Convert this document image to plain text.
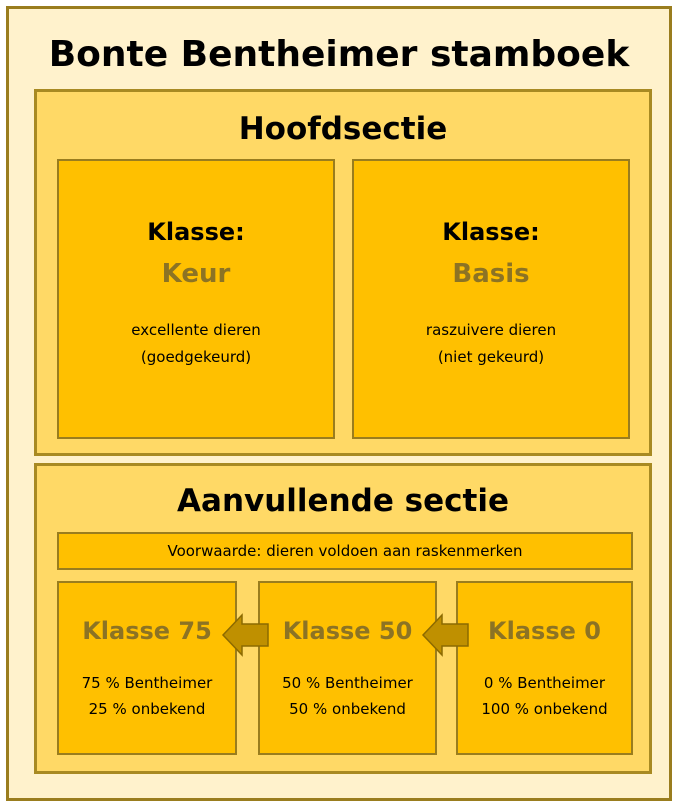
Bonte Bentheimer stamboek
Hoofdsectie
Klasse:
Keur
excellente dieren
(goedgekeurd)
Klasse:
Basis
raszuivere dieren
(niet gekeurd)
Aanvullende sectie
Voorwaarde: dieren voldoen aan raskenmerken
Klasse 75
75 % Bentheimer
25 % onbekend
Klasse 50
50 % Bentheimer
50 % onbekend
Klasse 0
0 % Bentheimer
100 % onbekend
